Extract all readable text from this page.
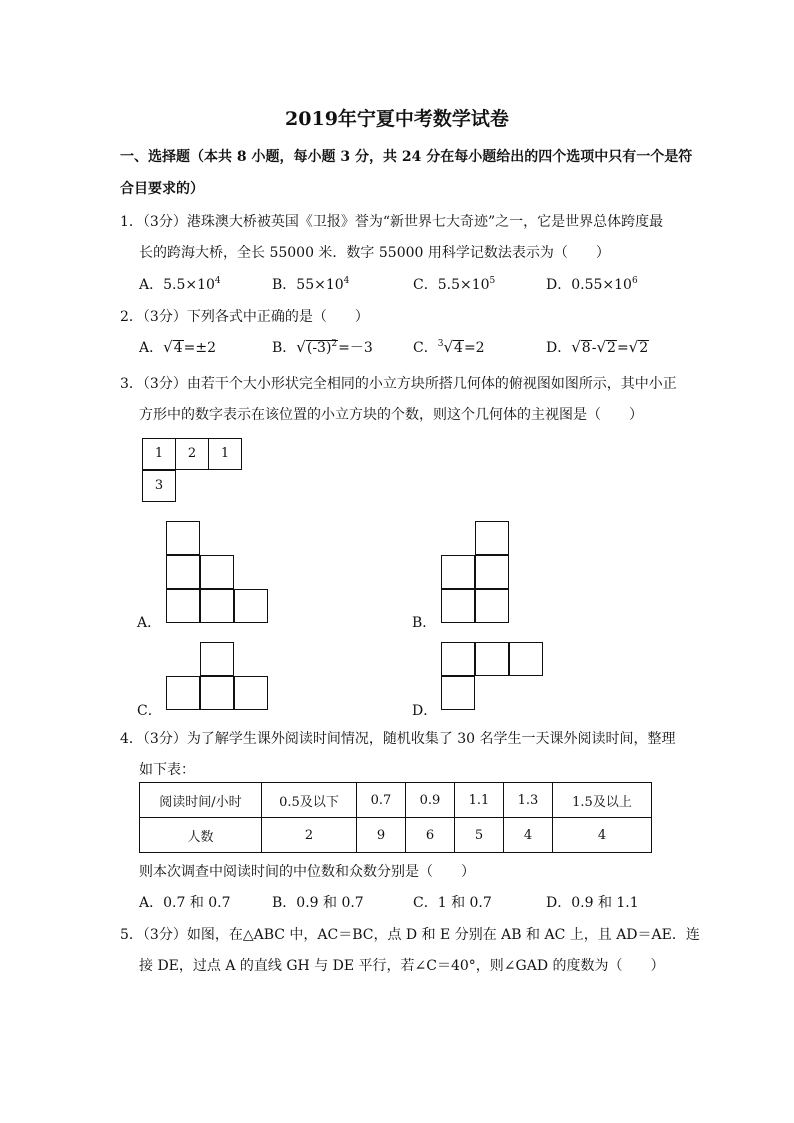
2019年宁夏中考数学试卷
一、选择题（本共 8 小题，每小题 3 分，共 24 分在每小题给出的四个选项中只有一个是符
合目要求的）
1．（3分）港珠澳大桥被英国《卫报》誉为“新世界七大奇迹”之一，它是世界总体跨度最
长的跨海大桥，全长 55000 米．数字 55000 用科学记数法表示为（　　）
A．$5.5\times 10^4$	B．$55\times 10^4$	C．$5.5\times 10^5$	D．$0.55\times 10^6$
2．（3分）下列各式中正确的是（　　）
A．√4=±2	B．$√(-3)^2=-3$	C．$^3$√4=2	D．√8-√2=√2
3．（3分）由若干个大小形状完全相同的小立方块所搭几何体的俯视图如图所示，其中小正
方形中的数字表示在该位置的小立方块的个数，则这个几何体的主视图是（　　）
1	2	1
3
A．	B．
C．	D．
4．（3分）为了解学生课外阅读时间情况，随机收集了 30 名学生一天课外阅读时间，整理
如下表：
阅读时间/小时	0.5及以下	0.7	0.9	1.1	1.3	1.5及以上
人数	2	9	6	5	4	4
则本次调查中阅读时间的中位数和众数分别是（　　）
A．0.7 和 0.7	B．0.9 和 0.7	C．1 和 0.7	D．0.9 和 1.1
5．（3分）如图，在△ABC 中，AC＝BC，点 D 和 E 分别在 AB 和 AC 上，且 AD＝AE．连
接 DE，过点 A 的直线 GH 与 DE 平行，若∠C＝40°，则∠GAD 的度数为（　　）
